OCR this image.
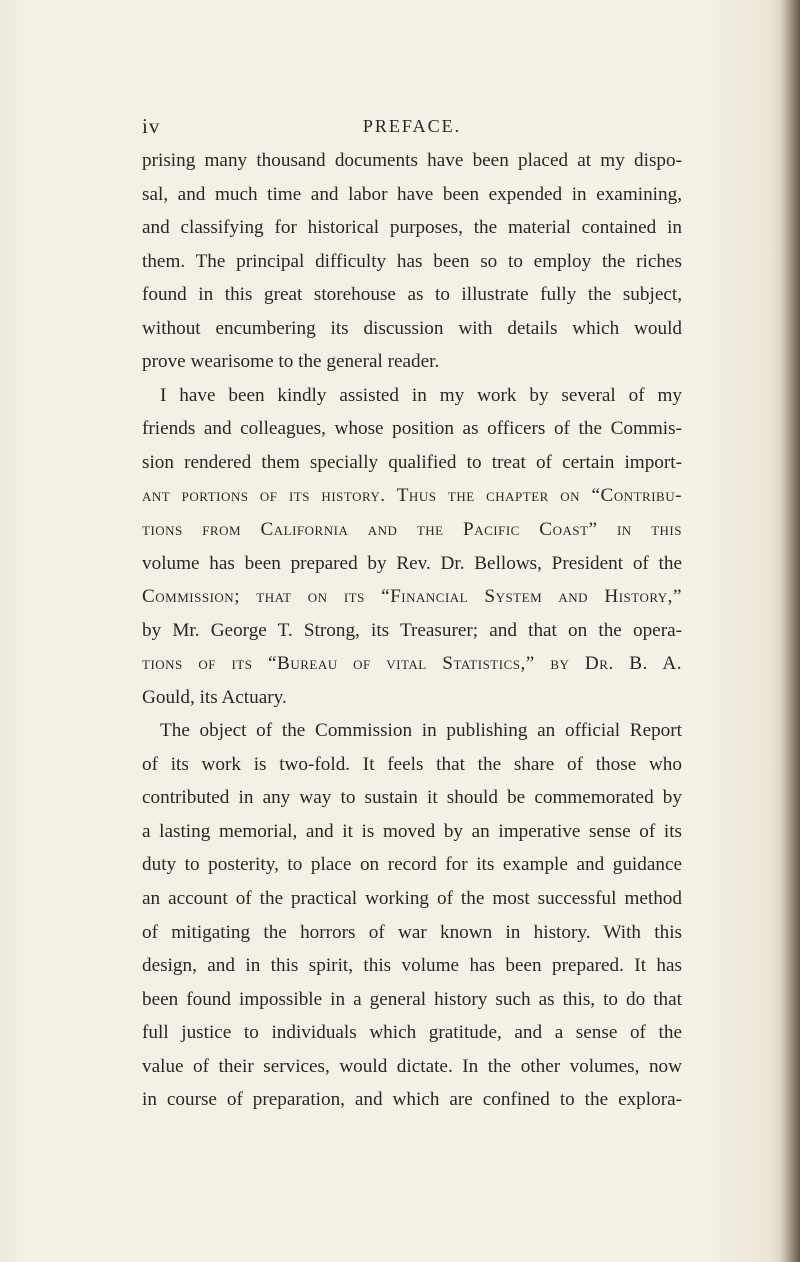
iv	PREFACE.
prising many thousand documents have been placed at my dispo-
sal, and much time and labor have been expended in examining,
and classifying for historical purposes, the material contained in
them. The principal difficulty has been so to employ the riches
found in this great storehouse as to illustrate fully the subject,
without encumbering its discussion with details which would
prove wearisome to the general reader.
I have been kindly assisted in my work by several of my
friends and colleagues, whose position as officers of the Commis-
sion rendered them specially qualified to treat of certain import-
ant portions of its history. Thus the chapter on “Contribu-
tions from California and the Pacific Coast” in this
volume has been prepared by Rev. Dr. Bellows, President of the
Commission; that on its “Financial System and History,”
by Mr. George T. Strong, its Treasurer; and that on the opera-
tions of its “Bureau of vital Statistics,” by Dr. B. A.
Gould, its Actuary.
The object of the Commission in publishing an official Report
of its work is two-fold. It feels that the share of those who
contributed in any way to sustain it should be commemorated by
a lasting memorial, and it is moved by an imperative sense of its
duty to posterity, to place on record for its example and guidance
an account of the practical working of the most successful method
of mitigating the horrors of war known in history. With this
design, and in this spirit, this volume has been prepared. It has
been found impossible in a general history such as this, to do that
full justice to individuals which gratitude, and a sense of the
value of their services, would dictate. In the other volumes, now
in course of preparation, and which are confined to the explora-
